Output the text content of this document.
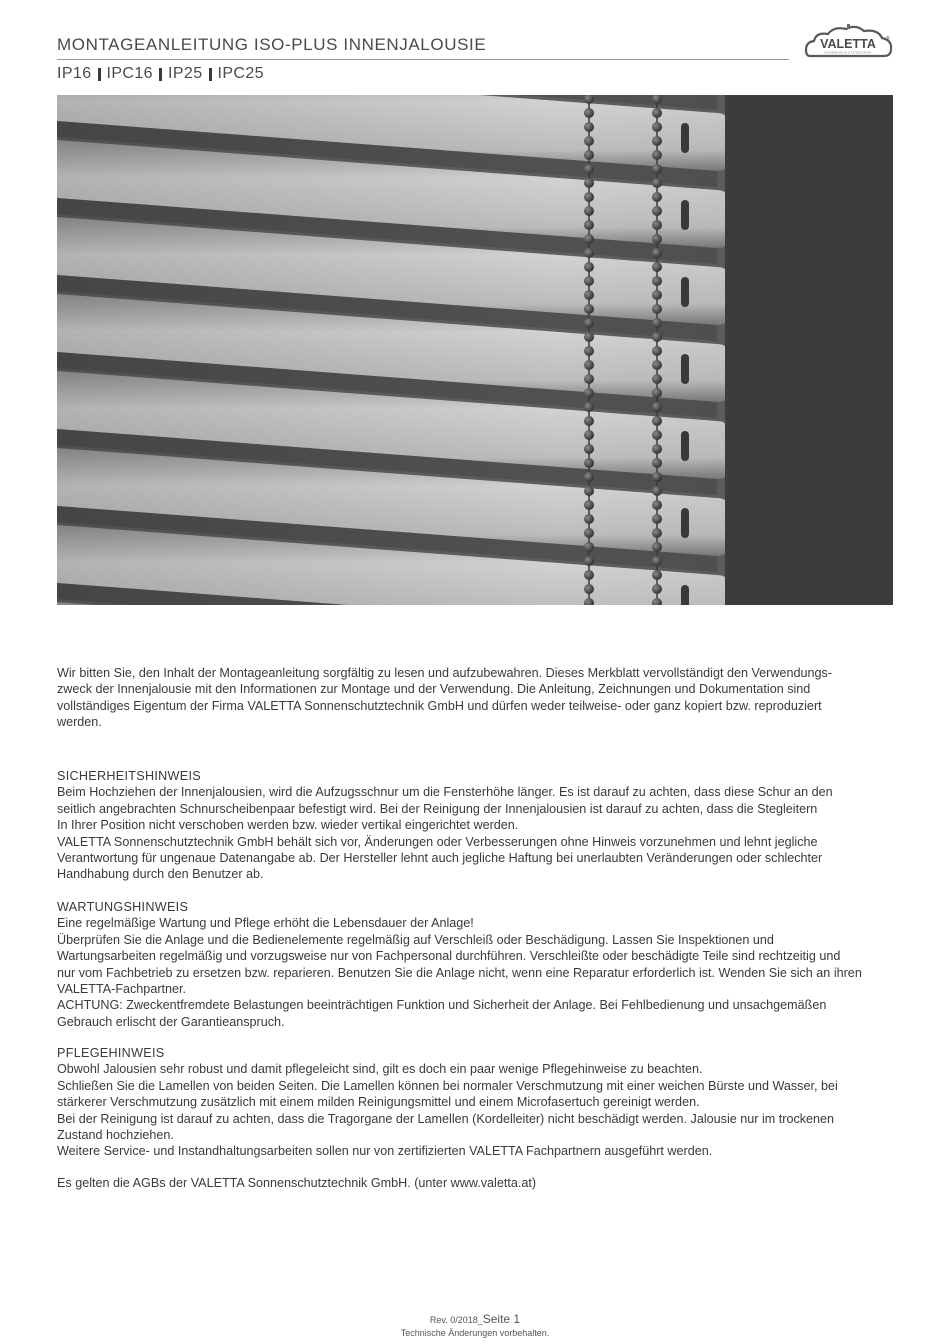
MONTAGEANLEITUNG ISO-PLUS INNENJALOUSIE
IP16 IPC16 IP25 IPC25
VALETTA ®
SONNENSCHUTZTECHNIK

Wir bitten Sie, den Inhalt der Montageanleitung sorgfältig zu lesen und aufzubewahren. Dieses Merkblatt vervollständigt den Verwendungs-

zweck der Innenjalousie mit den Informationen zur Montage und der Verwendung. Die Anleitung, Zeichnungen und Dokumentation sind

vollständiges Eigentum der Firma VALETTA Sonnenschutztechnik GmbH und dürfen weder teilweise- oder ganz kopiert bzw. reproduziert

werden.

SICHERHEITSHINWEIS

Beim Hochziehen der Innenjalousien, wird die Aufzugsschnur um die Fensterhöhe länger. Es ist darauf zu achten, dass diese Schur an den

seitlich angebrachten Schnurscheibenpaar befestigt wird. Bei der Reinigung der Innenjalousien ist darauf zu achten, dass die Stegleitern

In Ihrer Position nicht verschoben werden bzw. wieder vertikal eingerichtet werden.

VALETTA Sonnenschutztechnik GmbH behält sich vor, Änderungen oder Verbesserungen ohne Hinweis vorzunehmen und lehnt jegliche

Verantwortung für ungenaue Datenangabe ab. Der Hersteller lehnt auch jegliche Haftung bei unerlaubten Veränderungen oder schlechter

Handhabung durch den Benutzer ab.

WARTUNGSHINWEIS

Eine regelmäßige Wartung und Pflege erhöht die Lebensdauer der Anlage!

Überprüfen Sie die Anlage und die Bedienelemente regelmäßig auf Verschleiß oder Beschädigung. Lassen Sie Inspektionen und

Wartungsarbeiten regelmäßig und vorzugsweise nur von Fachpersonal durchführen. Verschleißte oder beschädigte Teile sind rechtzeitig und

nur vom Fachbetrieb zu ersetzen bzw. reparieren. Benutzen Sie die Anlage nicht, wenn eine Reparatur erforderlich ist. Wenden Sie sich an ihren

VALETTA-Fachpartner.

ACHTUNG: Zweckentfremdete Belastungen beeinträchtigen Funktion und Sicherheit der Anlage. Bei Fehlbedienung und unsachgemäßen

Gebrauch erlischt der Garantieanspruch.

PFLEGEHINWEIS

Obwohl Jalousien sehr robust und damit pflegeleicht sind, gilt es doch ein paar wenige Pflegehinweise zu beachten.

Schließen Sie die Lamellen von beiden Seiten. Die Lamellen können bei normaler Verschmutzung mit einer weichen Bürste und Wasser, bei

stärkerer Verschmutzung zusätzlich mit einem milden Reinigungsmittel und einem Microfasertuch gereinigt werden.

Bei der Reinigung ist darauf zu achten, dass die Tragorgane der Lamellen (Kordelleiter) nicht beschädigt werden. Jalousie nur im trockenen

Zustand hochziehen.

Weitere Service- und Instandhaltungsarbeiten sollen nur von zertifizierten VALETTA Fachpartnern ausgeführt werden.

Es gelten die AGBs der VALETTA Sonnenschutztechnik GmbH. (unter www.valetta.at)

Rev. 0/2018_Seite 1
Technische Änderungen vorbehalten.
